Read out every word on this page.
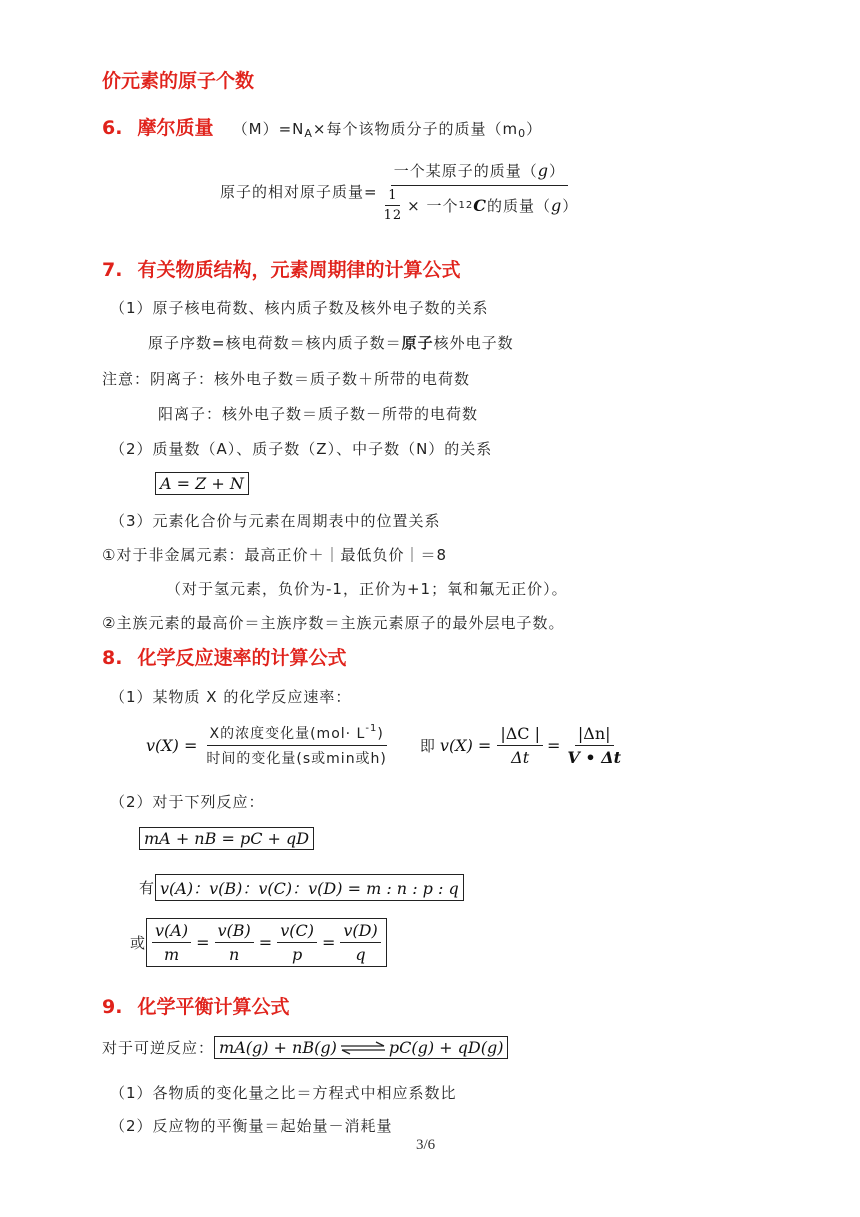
价元素的原子个数
6. 摩尔质量 $(M)=N_A\times$每个该物质分子的质量$(m_0)$
原子的相对原子质量= $\frac{\text{一个某原子的质量（g）}}{\frac{1}{12} \times 一个 12 C 的质量( g )}$
7. 有关物质结构，元素周期律的计算公式
（1）原子核电荷数、核内质子数及核外电子数的关系
原子序数=核电荷数＝核内质子数＝原子核外电子数
注意：阴离子：核外电子数＝质子数＋所带的电荷数
阳离子：核外电子数＝质子数－所带的电荷数
（2）质量数（A）、质子数（Z）、中子数（N）的关系
A = Z + N
（3）元素化合价与元素在周期表中的位置关系
①对于非金属元素：最高正价＋｜最低负价｜＝8
（对于氢元素，负价为-1，正价为+1；氧和氟无正价）。
②主族元素的最高价＝主族序数＝主族元素原子的最外层电子数。
8. 化学反应速率的计算公式
（1）某物质 X 的化学反应速率：
$v(X) = \frac{X的浓度变化量(mol\cdot L^{-1})}{\text{时间的变化量(s或min或h)}}$ 即 $v(X) = \frac{|\Delta C |}{\Delta t} = \frac{|\Delta n|}{V • \Delta t}$
（2）对于下列反应：
mA + nB = pC + qD
有 v(A)：v(B)：v(C)：v(D) = m : n : p : q
或 $\frac{v(A)}{m} = \frac{v(B)}{n} = \frac{v(C)}{p} = \frac{v(D)}{q}$
9. 化学平衡计算公式
对于可逆反应： mA(g) + nB(g) ⇌ pC(g) + qD(g)
（1）各物质的变化量之比＝方程式中相应系数比
（2）反应物的平衡量＝起始量－消耗量
3/6
